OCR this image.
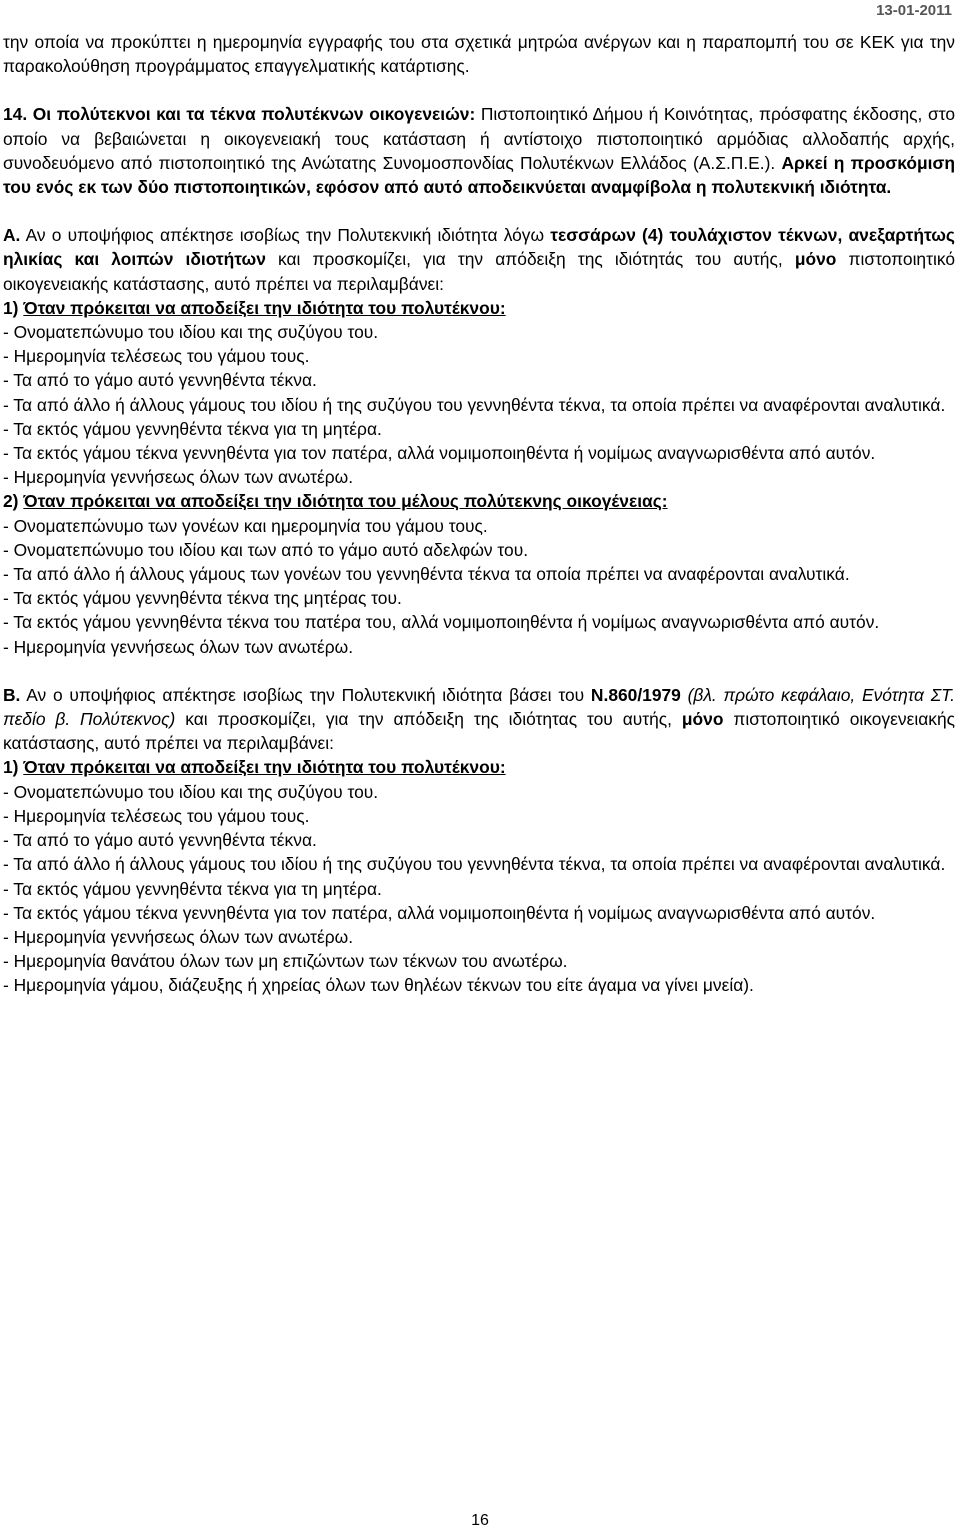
13-01-2011

την οποία να προκύπτει η ημερομηνία εγγραφής του στα σχετικά μητρώα ανέργων και η παραπομπή του σε ΚΕΚ για την παρακολούθηση προγράμματος επαγγελματικής κατάρτισης.

14. Οι πολύτεκνοι και τα τέκνα πολυτέκνων οικογενειών: Πιστοποιητικό Δήμου ή Κοινότητας, πρόσφατης έκδοσης, στο οποίο να βεβαιώνεται η οικογενειακή τους κατάσταση ή αντίστοιχο πιστοποιητικό αρμόδιας αλλοδαπής αρχής, συνοδευόμενο από πιστοποιητικό της Ανώτατης Συνομοσπονδίας Πολυτέκνων Ελλάδος (Α.Σ.Π.Ε.). Αρκεί η προσκόμιση του ενός εκ των δύο πιστοποιητικών, εφόσον από αυτό αποδεικνύεται αναμφίβολα η πολυτεκνική ιδιότητα.

Α. Αν ο υποψήφιος απέκτησε ισοβίως την Πολυτεκνική ιδιότητα λόγω τεσσάρων (4) τουλάχιστον τέκνων, ανεξαρτήτως ηλικίας και λοιπών ιδιοτήτων και προσκομίζει, για την απόδειξη της ιδιότητάς του αυτής, μόνο πιστοποιητικό οικογενειακής κατάστασης, αυτό πρέπει να περιλαμβάνει:

1) Όταν πρόκειται να αποδείξει την ιδιότητα του πολυτέκνου:

- Ονοματεπώνυμο του ιδίου και της συζύγου του.

- Ημερομηνία τελέσεως του γάμου τους.

- Τα από το γάμο αυτό γεννηθέντα τέκνα.

- Τα από άλλο ή άλλους γάμους του ιδίου ή της συζύγου του γεννηθέντα τέκνα, τα οποία πρέπει να αναφέρονται αναλυτικά.

- Τα εκτός γάμου γεννηθέντα τέκνα για τη μητέρα.

- Τα εκτός γάμου τέκνα γεννηθέντα για τον πατέρα, αλλά νομιμοποιηθέντα ή νομίμως αναγνωρισθέντα από αυτόν.

- Ημερομηνία γεννήσεως όλων των ανωτέρω.

2) Όταν πρόκειται να αποδείξει την ιδιότητα του μέλους πολύτεκνης οικογένειας:

- Ονοματεπώνυμο των γονέων και ημερομηνία του γάμου τους.

- Ονοματεπώνυμο του ιδίου και των από το γάμο αυτό αδελφών του.

- Τα από άλλο ή άλλους γάμους των γονέων του γεννηθέντα τέκνα τα οποία πρέπει να αναφέρονται αναλυτικά.

- Τα εκτός γάμου γεννηθέντα τέκνα της μητέρας του.

- Τα εκτός γάμου γεννηθέντα τέκνα του πατέρα του, αλλά νομιμοποιηθέντα ή νομίμως αναγνωρισθέντα από αυτόν.

- Ημερομηνία γεννήσεως όλων των ανωτέρω.

Β. Αν ο υποψήφιος απέκτησε ισοβίως την Πολυτεκνική ιδιότητα βάσει του Ν.860/1979 (βλ. πρώτο κεφάλαιο, Ενότητα ΣΤ. πεδίο β. Πολύτεκνος) και προσκομίζει, για την απόδειξη της ιδιότητας του αυτής, μόνο πιστοποιητικό οικογενειακής κατάστασης, αυτό πρέπει να περιλαμβάνει:

1) Όταν πρόκειται να αποδείξει την ιδιότητα του πολυτέκνου:

- Ονοματεπώνυμο του ιδίου και της συζύγου του.

- Ημερομηνία τελέσεως του γάμου τους.

- Τα από το γάμο αυτό γεννηθέντα τέκνα.

- Τα από άλλο ή άλλους γάμους του ιδίου ή της συζύγου του γεννηθέντα τέκνα, τα οποία πρέπει να αναφέρονται αναλυτικά.

- Τα εκτός γάμου γεννηθέντα τέκνα για τη μητέρα.

- Τα εκτός γάμου τέκνα γεννηθέντα για τον πατέρα, αλλά νομιμοποιηθέντα ή νομίμως αναγνωρισθέντα από αυτόν.

- Ημερομηνία γεννήσεως όλων των ανωτέρω.

- Ημερομηνία θανάτου όλων των μη επιζώντων των τέκνων του ανωτέρω.

- Ημερομηνία γάμου, διάζευξης ή χηρείας όλων των θηλέων τέκνων του είτε άγαμα να γίνει μνεία).

16
